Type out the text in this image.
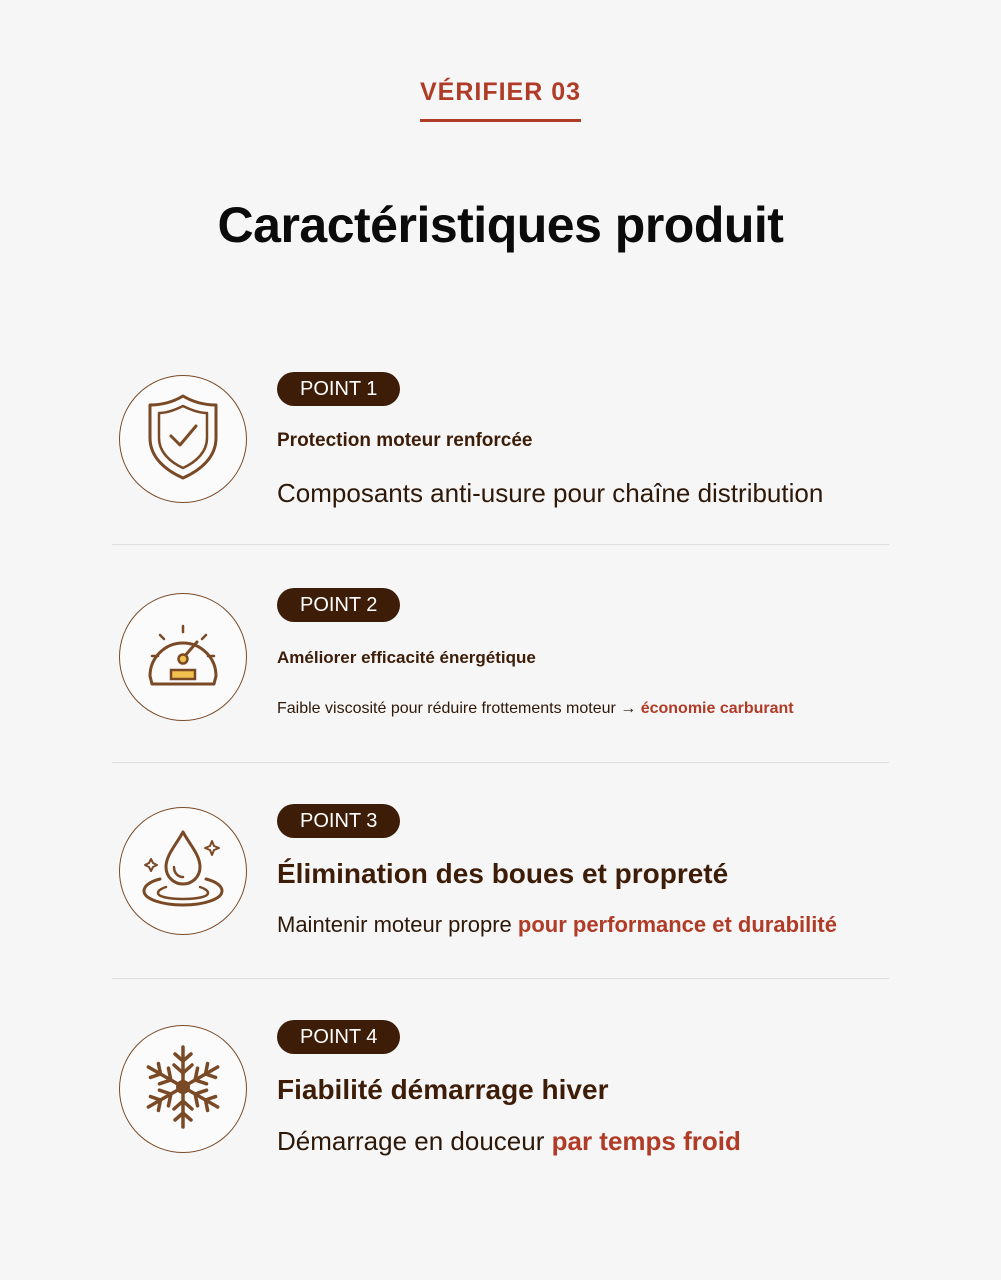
VÉRIFIER 03
Caractéristiques produit
POINT 1
Protection moteur renforcée
Composants anti-usure pour chaîne distribution
POINT 2
Améliorer efficacité énergétique
Faible viscosité pour réduire frottements moteur → économie carburant
POINT 3
Élimination des boues et propreté
Maintenir moteur propre pour performance et durabilité
POINT 4
Fiabilité démarrage hiver
Démarrage en douceur par temps froid
